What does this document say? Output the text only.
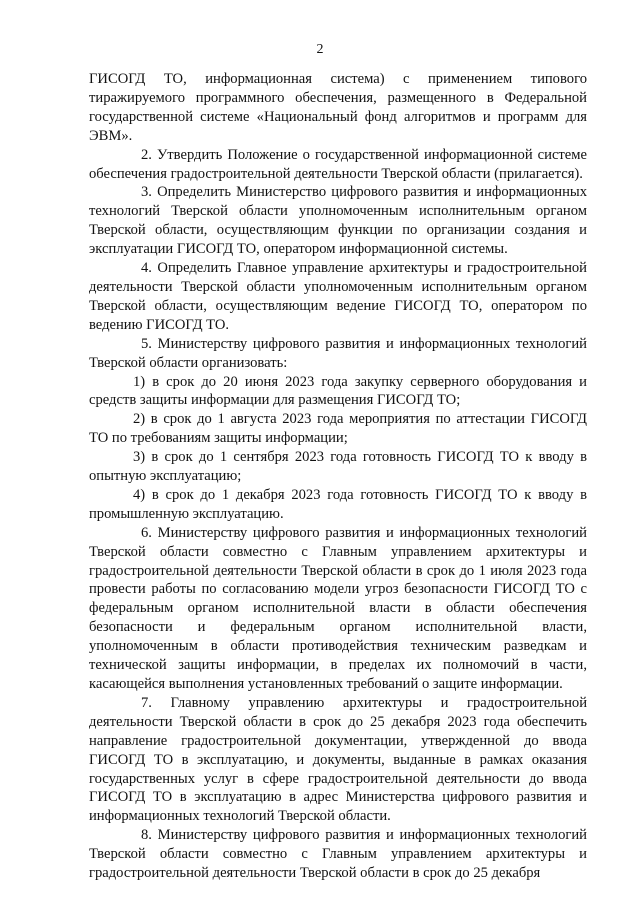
2

ГИСОГД ТО, информационная система) с применением типового тиражируемого программного обеспечения, размещенного в Федеральной государственной системе «Национальный фонд алгоритмов и программ для ЭВМ».

2. Утвердить Положение о государственной информационной системе обеспечения градостроительной деятельности Тверской области (прилагается).

3. Определить Министерство цифрового развития и информационных технологий Тверской области уполномоченным исполнительным органом Тверской области, осуществляющим функции по организации создания и эксплуатации ГИСОГД ТО, оператором информационной системы.

4. Определить Главное управление архитектуры и градостроительной деятельности Тверской области уполномоченным исполнительным органом Тверской области, осуществляющим ведение ГИСОГД ТО, оператором по ведению ГИСОГД ТО.

5. Министерству цифрового развития и информационных технологий Тверской области организовать:

1) в срок до 20 июня 2023 года закупку серверного оборудования и средств защиты информации для размещения ГИСОГД ТО;

2) в срок до 1 августа 2023 года мероприятия по аттестации ГИСОГД ТО по требованиям защиты информации;

3) в срок до 1 сентября 2023 года готовность ГИСОГД ТО к вводу в опытную эксплуатацию;

4) в срок до 1 декабря 2023 года готовность ГИСОГД ТО к вводу в промышленную эксплуатацию.

6. Министерству цифрового развития и информационных технологий Тверской области совместно с Главным управлением архитектуры и градостроительной деятельности Тверской области в срок до 1 июля 2023 года провести работы по согласованию модели угроз безопасности ГИСОГД ТО с федеральным органом исполнительной власти в области обеспечения безопасности и федеральным органом исполнительной власти, уполномоченным в области противодействия техническим разведкам и технической защиты информации, в пределах их полномочий в части, касающейся выполнения установленных требований о защите информации.

7. Главному управлению архитектуры и градостроительной деятельности Тверской области в срок до 25 декабря 2023 года обеспечить направление градостроительной документации, утвержденной до ввода ГИСОГД ТО в эксплуатацию, и документы, выданные в рамках оказания государственных услуг в сфере градостроительной деятельности до ввода ГИСОГД ТО в эксплуатацию в адрес Министерства цифрового развития и информационных технологий Тверской области.

8. Министерству цифрового развития и информационных технологий Тверской области совместно с Главным управлением архитектуры и градостроительной деятельности Тверской области в срок до 25 декабря
